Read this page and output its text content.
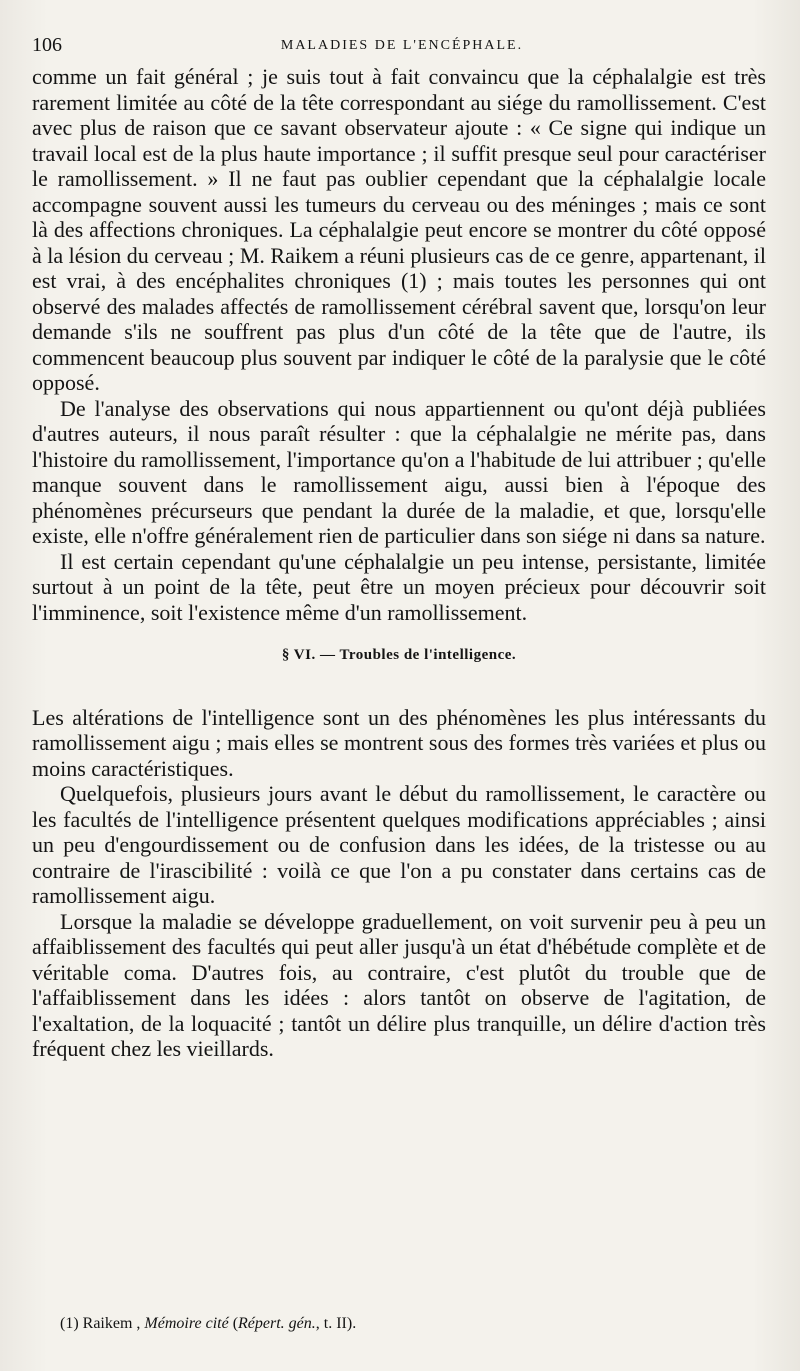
106	MALADIES DE L'ENCÉPHALE.

comme un fait général ; je suis tout à fait convaincu que la céphalalgie est très rarement limitée au côté de la tête correspondant au siége du ramollissement. C'est avec plus de raison que ce savant observateur ajoute : « Ce signe qui indique un travail local est de la plus haute importance ; il suffit presque seul pour caractériser le ramollissement. » Il ne faut pas oublier cependant que la céphalalgie locale accompagne souvent aussi les tumeurs du cerveau ou des méninges ; mais ce sont là des affections chroniques. La céphalalgie peut encore se montrer du côté opposé à la lésion du cerveau ; M. Raikem a réuni plusieurs cas de ce genre, appartenant, il est vrai, à des encéphalites chroniques (1) ; mais toutes les personnes qui ont observé des malades affectés de ramollissement cérébral savent que, lorsqu'on leur demande s'ils ne souffrent pas plus d'un côté de la tête que de l'autre, ils commencent beaucoup plus souvent par indiquer le côté de la paralysie que le côté opposé.

De l'analyse des observations qui nous appartiennent ou qu'ont déjà publiées d'autres auteurs, il nous paraît résulter : que la céphalalgie ne mérite pas, dans l'histoire du ramollissement, l'importance qu'on a l'habitude de lui attribuer ; qu'elle manque souvent dans le ramollissement aigu, aussi bien à l'époque des phénomènes précurseurs que pendant la durée de la maladie, et que, lorsqu'elle existe, elle n'offre généralement rien de particulier dans son siége ni dans sa nature.

Il est certain cependant qu'une céphalalgie un peu intense, persistante, limitée surtout à un point de la tête, peut être un moyen précieux pour découvrir soit l'imminence, soit l'existence même d'un ramollissement.

§ VI. — Troubles de l'intelligence.

Les altérations de l'intelligence sont un des phénomènes les plus intéressants du ramollissement aigu ; mais elles se montrent sous des formes très variées et plus ou moins caractéristiques.

Quelquefois, plusieurs jours avant le début du ramollissement, le caractère ou les facultés de l'intelligence présentent quelques modifications appréciables ; ainsi un peu d'engourdissement ou de confusion dans les idées, de la tristesse ou au contraire de l'irascibilité : voilà ce que l'on a pu constater dans certains cas de ramollissement aigu.

Lorsque la maladie se développe graduellement, on voit survenir peu à peu un affaiblissement des facultés qui peut aller jusqu'à un état d'hébétude complète et de véritable coma. D'autres fois, au contraire, c'est plutôt du trouble que de l'affaiblissement dans les idées : alors tantôt on observe de l'agitation, de l'exaltation, de la loquacité ; tantôt un délire plus tranquille, un délire d'action très fréquent chez les vieillards.

(1) Raikem , Mémoire cité (Répert. gén., t. II).
